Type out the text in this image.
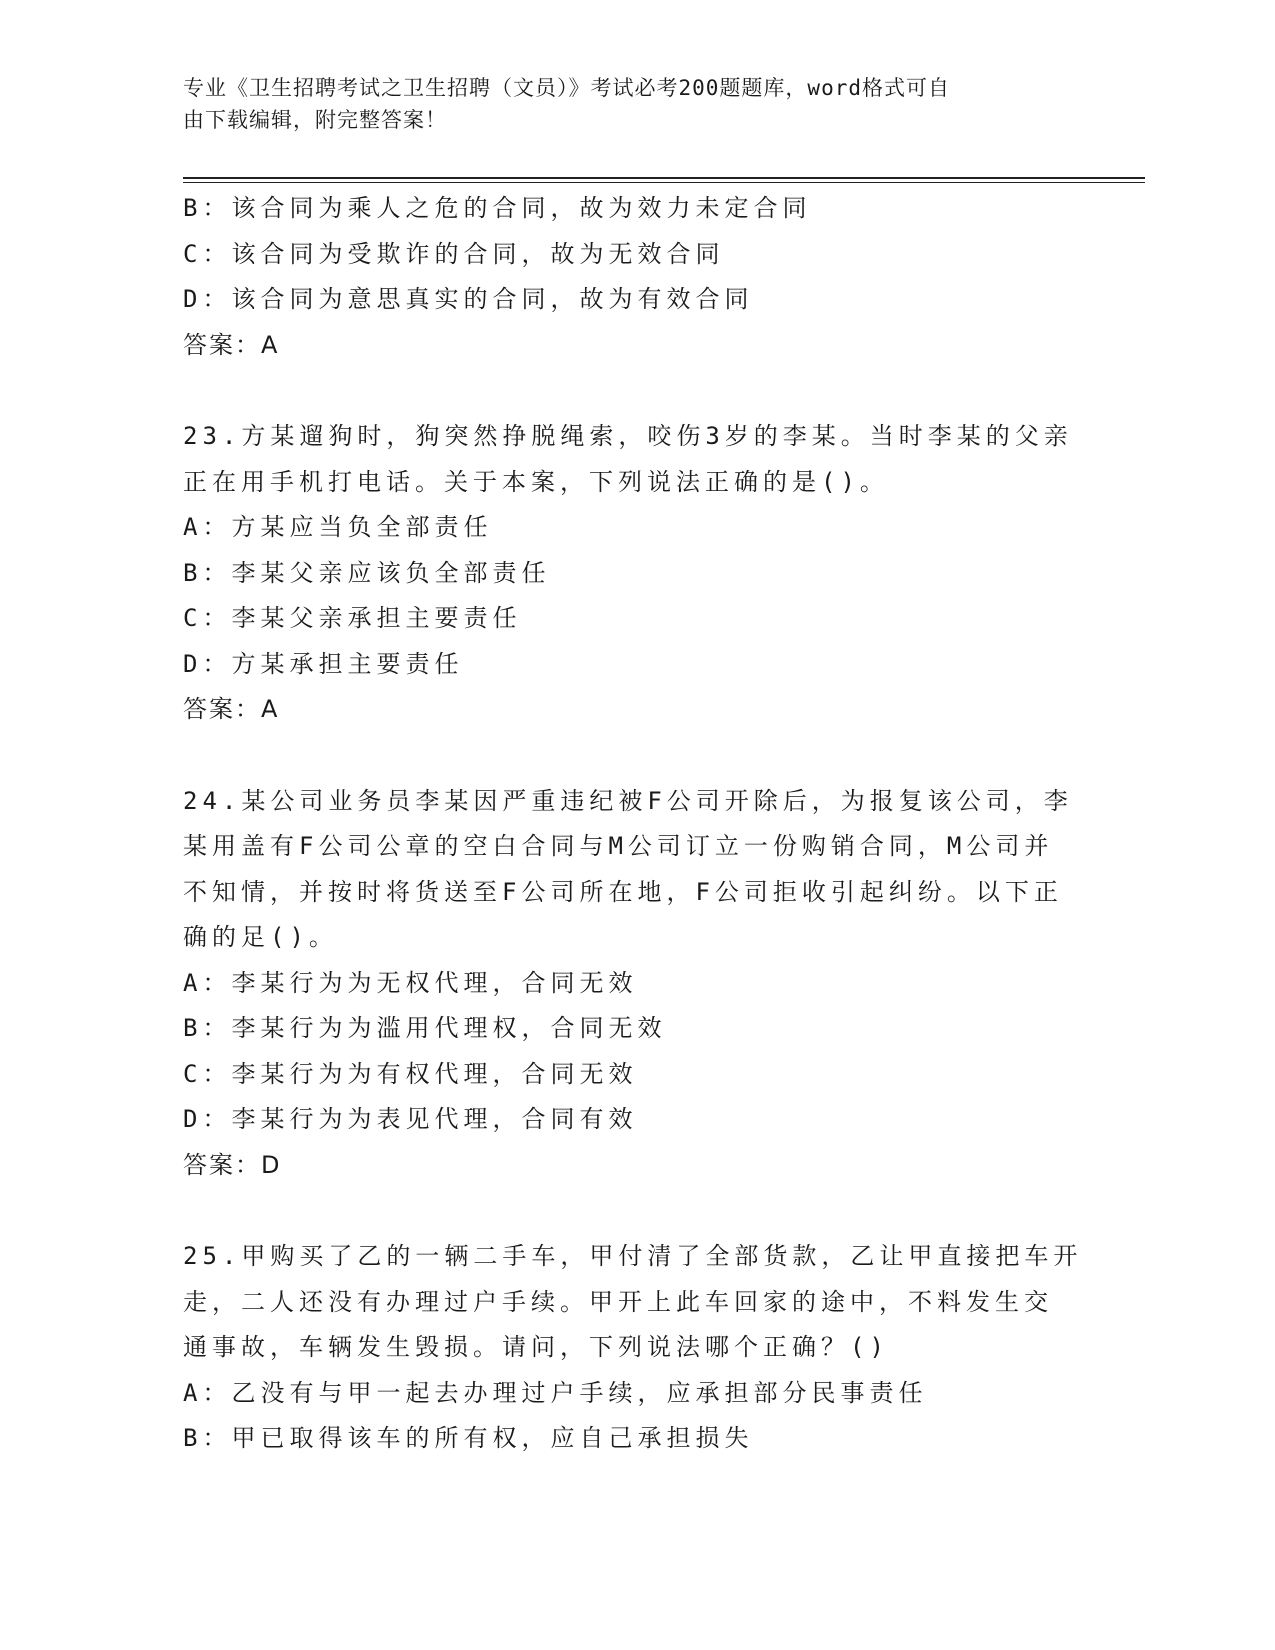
专业《卫生招聘考试之卫生招聘（文员）》考试必考200题题库，word格式可自
由下载编辑，附完整答案！
B：该合同为乘人之危的合同，故为效力未定合同
C：该合同为受欺诈的合同，故为无效合同
D：该合同为意思真实的合同，故为有效合同
答案：A
23.方某遛狗时，狗突然挣脱绳索，咬伤3岁的李某。当时李某的父亲
正在用手机打电话。关于本案，下列说法正确的是()。
A：方某应当负全部责任
B：李某父亲应该负全部责任
C：李某父亲承担主要责任
D：方某承担主要责任
答案：A
24.某公司业务员李某因严重违纪被F公司开除后，为报复该公司，李
某用盖有F公司公章的空白合同与M公司订立一份购销合同，M公司并
不知情，并按时将货送至F公司所在地，F公司拒收引起纠纷。以下正
确的足()。
A：李某行为为无权代理，合同无效
B：李某行为为滥用代理权，合同无效
C：李某行为为有权代理，合同无效
D：李某行为为表见代理，合同有效
答案：D
25.甲购买了乙的一辆二手车，甲付清了全部货款，乙让甲直接把车开
走，二人还没有办理过户手续。甲开上此车回家的途中，不料发生交
通事故，车辆发生毁损。请问，下列说法哪个正确？()
A：乙没有与甲一起去办理过户手续，应承担部分民事责任
B：甲已取得该车的所有权，应自己承担损失
